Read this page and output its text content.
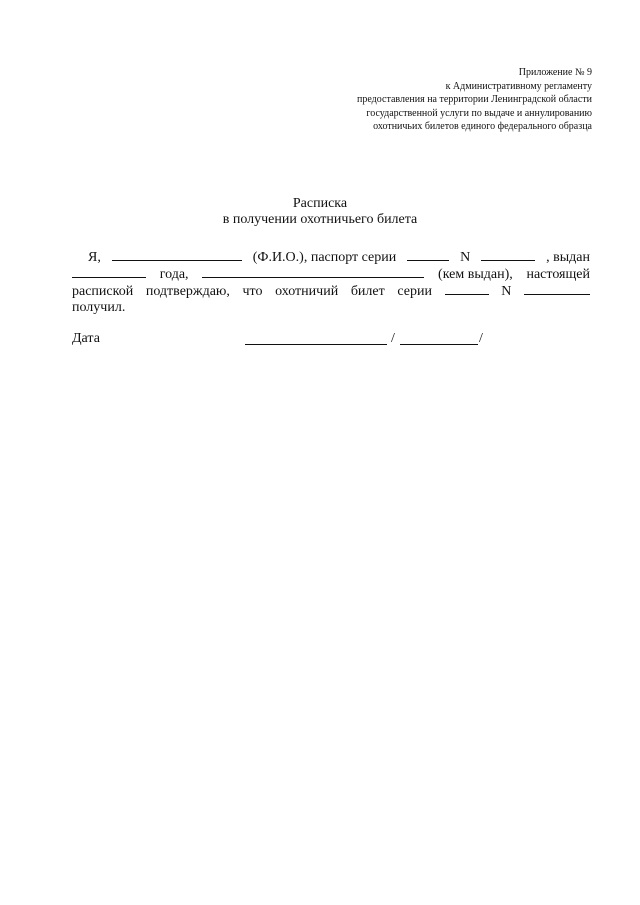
Приложение № 9
к Административному регламенту
предоставления на территории Ленинградской области
государственной услуги по выдаче и аннулированию
охотничьих билетов единого федерального образца
Расписка
в получении охотничьего билета
Я,	(Ф.И.О.), паспорт серии	N	, выдан
года,	(кем выдан), настоящей
распиской подтверждаю, что охотничий билет серии	N
получил.
Дата	/	/
